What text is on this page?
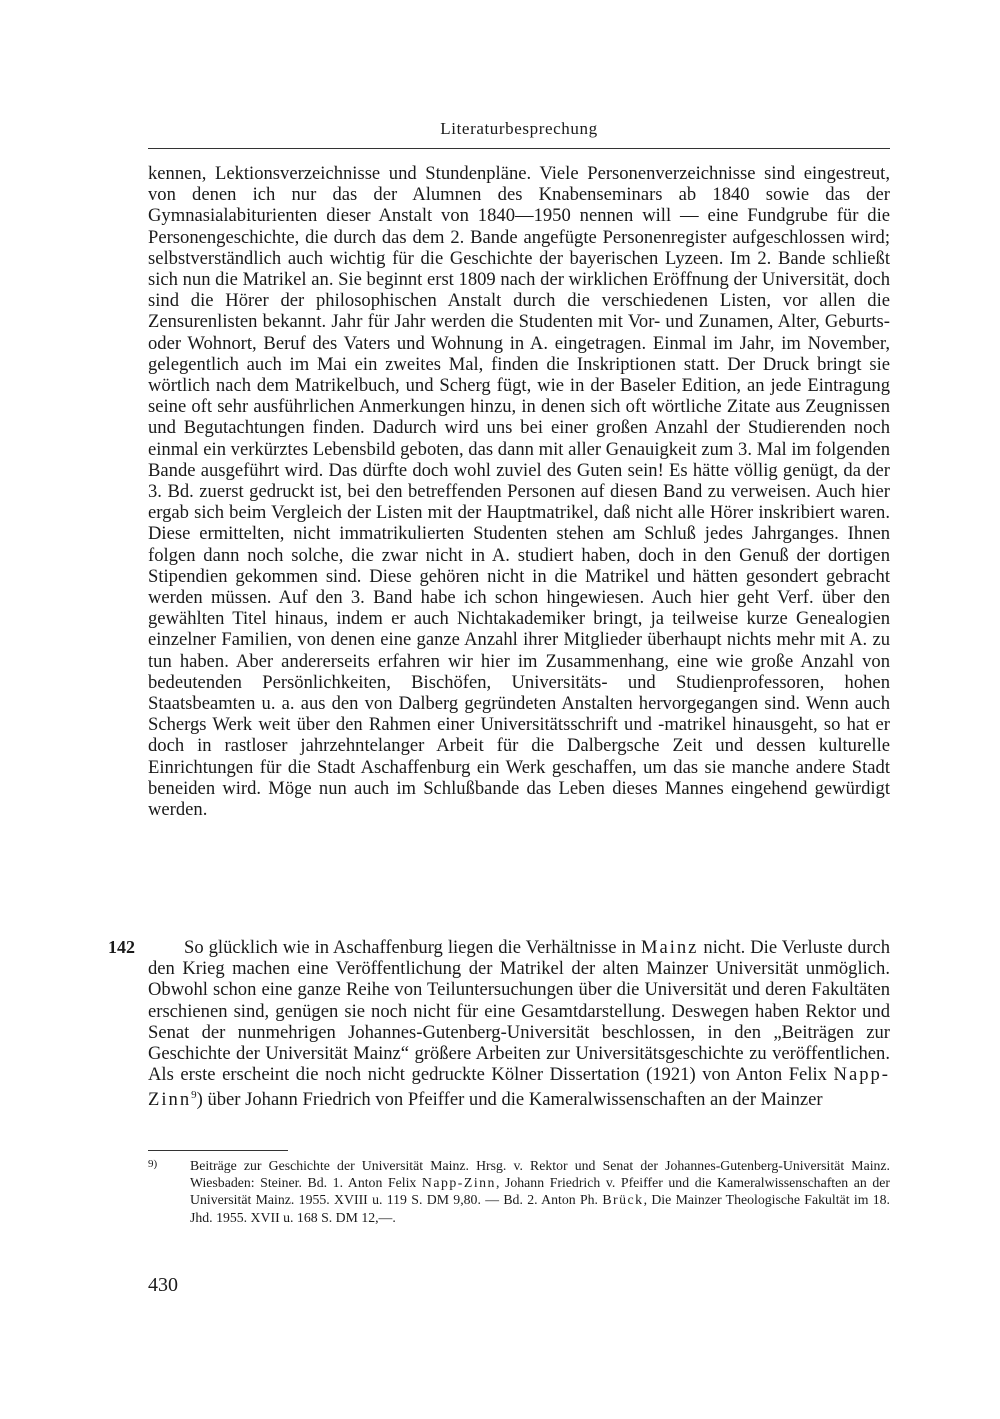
Literaturbesprechung

kennen, Lektionsverzeichnisse und Stundenpläne. Viele Personenverzeichnisse sind eingestreut, von denen ich nur das der Alumnen des Knabenseminars ab 1840 sowie das der Gymnasialabiturienten dieser Anstalt von 1840—1950 nennen will — eine Fundgrube für die Personengeschichte, die durch das dem 2. Bande angefügte Personenregister aufgeschlossen wird; selbstverständlich auch wichtig für die Geschichte der bayerischen Lyzeen. Im 2. Bande schließt sich nun die Matrikel an. Sie beginnt erst 1809 nach der wirklichen Eröffnung der Universität, doch sind die Hörer der philosophischen Anstalt durch die verschiedenen Listen, vor allen die Zensurenlisten bekannt. Jahr für Jahr werden die Studenten mit Vor- und Zunamen, Alter, Geburts- oder Wohnort, Beruf des Vaters und Wohnung in A. eingetragen. Einmal im Jahr, im November, gelegentlich auch im Mai ein zweites Mal, finden die Inskriptionen statt. Der Druck bringt sie wörtlich nach dem Matrikelbuch, und Scherg fügt, wie in der Baseler Edition, an jede Eintragung seine oft sehr ausführlichen Anmerkungen hinzu, in denen sich oft wörtliche Zitate aus Zeugnissen und Begutachtungen finden. Dadurch wird uns bei einer großen Anzahl der Studierenden noch einmal ein verkürztes Lebensbild geboten, das dann mit aller Genauigkeit zum 3. Mal im folgenden Bande ausgeführt wird. Das dürfte doch wohl zuviel des Guten sein! Es hätte völlig genügt, da der 3. Bd. zuerst gedruckt ist, bei den betreffenden Personen auf diesen Band zu verweisen. Auch hier ergab sich beim Vergleich der Listen mit der Hauptmatrikel, daß nicht alle Hörer inskribiert waren. Diese ermittelten, nicht immatrikulierten Studenten stehen am Schluß jedes Jahrganges. Ihnen folgen dann noch solche, die zwar nicht in A. studiert haben, doch in den Genuß der dortigen Stipendien gekommen sind. Diese gehören nicht in die Matrikel und hätten gesondert gebracht werden müssen. Auf den 3. Band habe ich schon hingewiesen. Auch hier geht Verf. über den gewählten Titel hinaus, indem er auch Nichtakademiker bringt, ja teilweise kurze Genealogien einzelner Familien, von denen eine ganze Anzahl ihrer Mitglieder überhaupt nichts mehr mit A. zu tun haben. Aber andererseits erfahren wir hier im Zusammenhang, eine wie große Anzahl von bedeutenden Persönlichkeiten, Bischöfen, Universitäts- und Studienprofessoren, hohen Staatsbeamten u. a. aus den von Dalberg gegründeten Anstalten hervorgegangen sind. Wenn auch Schergs Werk weit über den Rahmen einer Universitätsschrift und -matrikel hinausgeht, so hat er doch in rastloser jahrzehntelanger Arbeit für die Dalbergsche Zeit und dessen kulturelle Einrichtungen für die Stadt Aschaffenburg ein Werk geschaffen, um das sie manche andere Stadt beneiden wird. Möge nun auch im Schlußbande das Leben dieses Mannes eingehend gewürdigt werden.

142	So glücklich wie in Aschaffenburg liegen die Verhältnisse in Mainz nicht. Die Verluste durch den Krieg machen eine Veröffentlichung der Matrikel der alten Mainzer Universität unmöglich. Obwohl schon eine ganze Reihe von Teiluntersuchungen über die Universität und deren Fakultäten erschienen sind, genügen sie noch nicht für eine Gesamtdarstellung. Deswegen haben Rektor und Senat der nunmehrigen Johannes-Gutenberg-Universität beschlossen, in den „Beiträgen zur Geschichte der Universität Mainz“ größere Arbeiten zur Universitätsgeschichte zu veröffentlichen. Als erste erscheint die noch nicht gedruckte Kölner Dissertation (1921) von Anton Felix Napp-Zinn$^9$) über Johann Friedrich von Pfeiffer und die Kameralwissenschaften an der Mainzer

9) Beiträge zur Geschichte der Universität Mainz. Hrsg. v. Rektor und Senat der Johannes-Gutenberg-Universität Mainz. Wiesbaden: Steiner. Bd. 1. Anton Felix Napp-Zinn, Johann Friedrich v. Pfeiffer und die Kameralwissenschaften an der Universität Mainz. 1955. XVIII u. 119 S. DM 9,80. — Bd. 2. Anton Ph. Brück, Die Mainzer Theologische Fakultät im 18. Jhd. 1955. XVII u. 168 S. DM 12,—.
430
